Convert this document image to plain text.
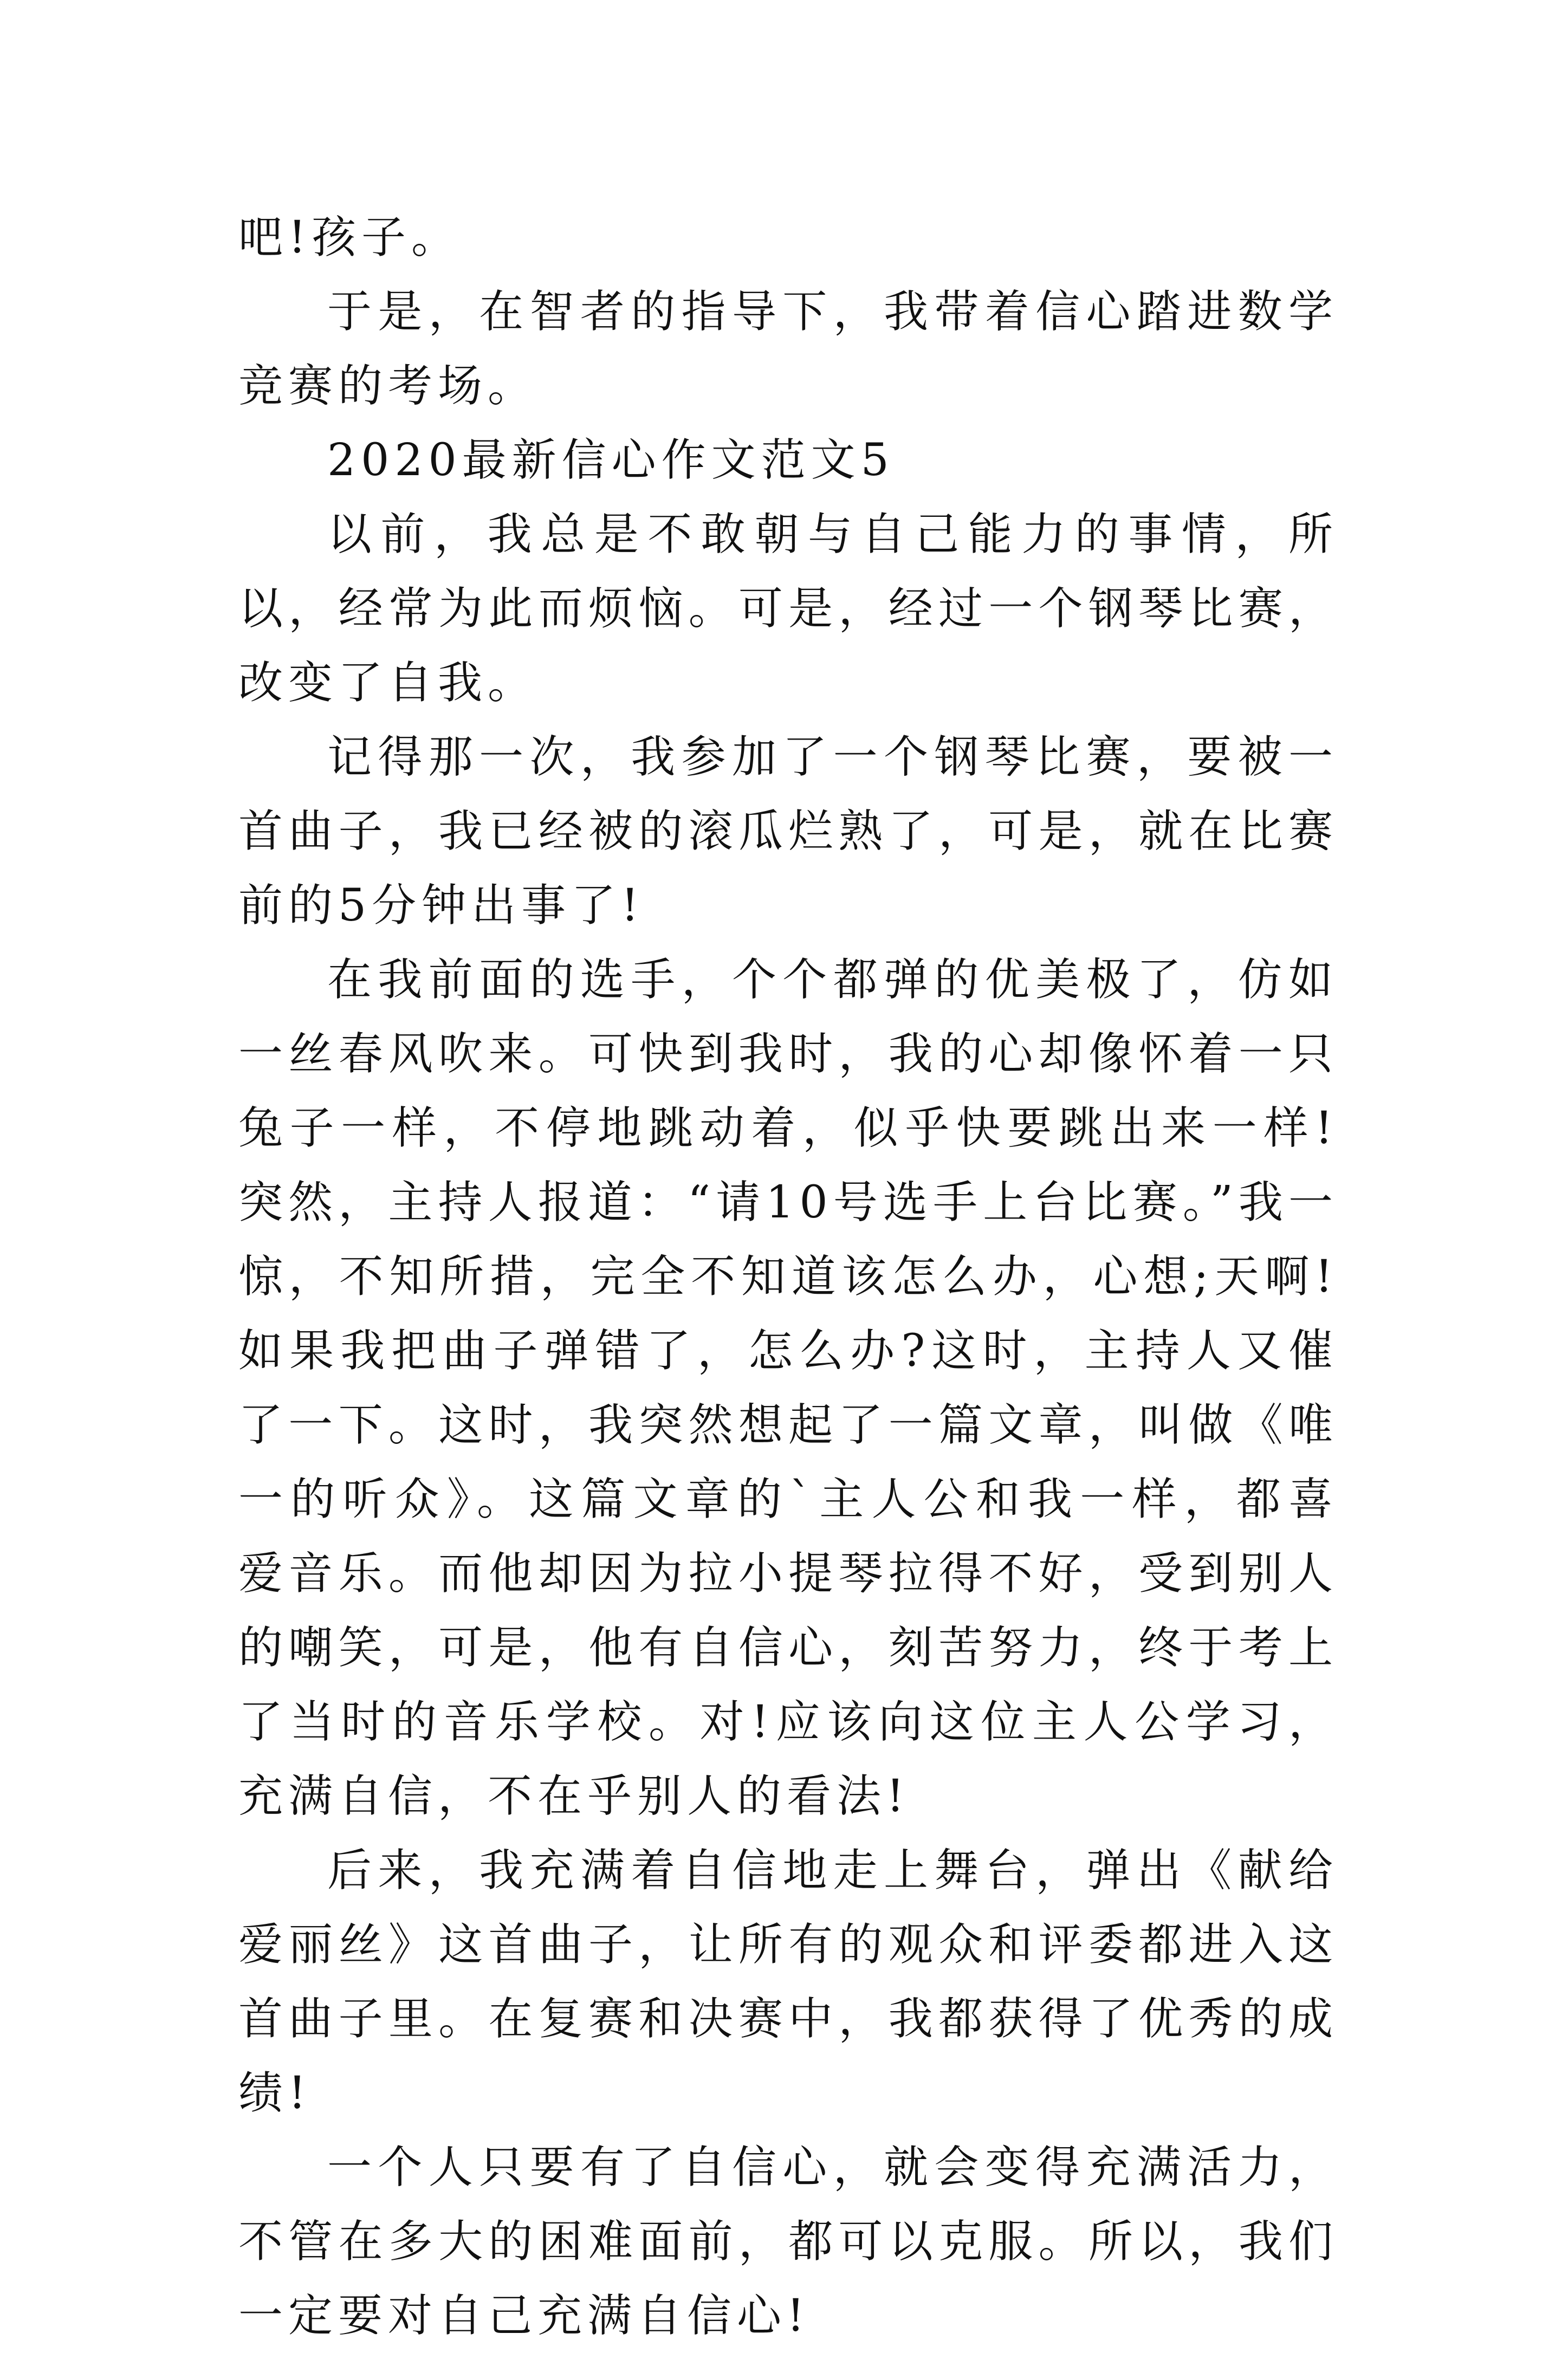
吧!孩子。

于是，在智者的指导下，我带着信心踏进数学竞赛的考场。

2020最新信心作文范文5

以前，我总是不敢朝与自己能力的事情，所以，经常为此而烦恼。可是，经过一个钢琴比赛，改变了自我。

记得那一次，我参加了一个钢琴比赛，要被一首曲子，我已经被的滚瓜烂熟了，可是，就在比赛前的5分钟出事了!

在我前面的选手，个个都弹的优美极了，仿如一丝春风吹来。可快到我时，我的心却像怀着一只兔子一样，不停地跳动着，似乎快要跳出来一样!突然，主持人报道：“请10号选手上台比赛。”我一惊，不知所措，完全不知道该怎么办，心想;天啊!如果我把曲子弹错了，怎么办?这时，主持人又催了一下。这时，我突然想起了一篇文章，叫做《唯一的听众》。这篇文章的`主人公和我一样，都喜爱音乐。而他却因为拉小提琴拉得不好，受到别人的嘲笑，可是，他有自信心，刻苦努力，终于考上了当时的音乐学校。对!应该向这位主人公学习，充满自信，不在乎别人的看法!

后来，我充满着自信地走上舞台，弹出《献给爱丽丝》这首曲子，让所有的观众和评委都进入这首曲子里。在复赛和决赛中，我都获得了优秀的成绩!

一个人只要有了自信心，就会变得充满活力，不管在多大的困难面前，都可以克服。所以，我们一定要对自己充满自信心!
